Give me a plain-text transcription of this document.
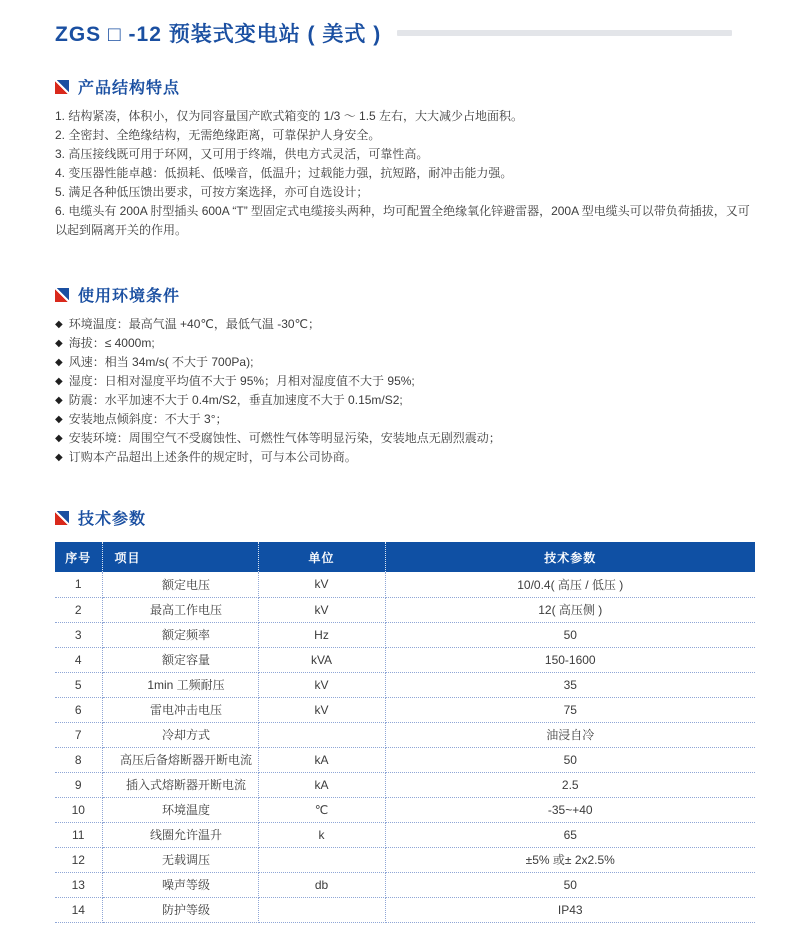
ZGS □ -12 预装式变电站 ( 美式 )
产品结构特点
1. 结构紧凑，体积小，仅为同容量国产欧式箱变的 1/3 ～ 1.5 左右，大大减少占地面积。
2. 全密封、全绝缘结构，无需绝缘距离，可靠保护人身安全。
3. 高压接线既可用于环网，又可用于终端，供电方式灵活，可靠性高。
4. 变压器性能卓越：低损耗、低噪音，低温升；过载能力强，抗短路，耐冲击能力强。
5. 满足各种低压馈出要求，可按方案选择，亦可自选设计；
6. 电缆头有 200A 肘型插头 600A “T” 型固定式电缆接头两种，均可配置全绝缘氧化锌避雷器，200A 型电缆头可以带负荷插拔，又可以起到隔离开关的作用。
使用环境条件
◆ 环境温度：最高气温 +40℃，最低气温 -30℃；
◆ 海拔：≤ 4000m;
◆ 风速：相当 34m/s( 不大于 700Pa);
◆ 湿度：日相对湿度平均值不大于 95%；月相对湿度值不大于 95%;
◆ 防震：水平加速不大于 0.4m/S2，垂直加速度不大于 0.15m/S2;
◆ 安装地点倾斜度：不大于 3°；
◆ 安装环境：周围空气不受腐蚀性、可燃性气体等明显污染，安装地点无剧烈震动；
◆ 订购本产品超出上述条件的规定时，可与本公司协商。
技术参数
序号	项目	单位	技术参数
1	额定电压	kV	10/0.4( 高压 / 低压 )
2	最高工作电压	kV	12( 高压侧 )
3	额定频率	Hz	50
4	额定容量	kVA	150-1600
5	1min 工频耐压	kV	35
6	雷电冲击电压	kV	75
7	冷却方式		油浸自冷
8	高压后备熔断器开断电流	kA	50
9	插入式熔断器开断电流	kA	2.5
10	环境温度	℃	-35~+40
11	线圈允许温升	k	65
12	无载调压		±5% 或± 2x2.5%
13	噪声等级	db	50
14	防护等级		IP43
